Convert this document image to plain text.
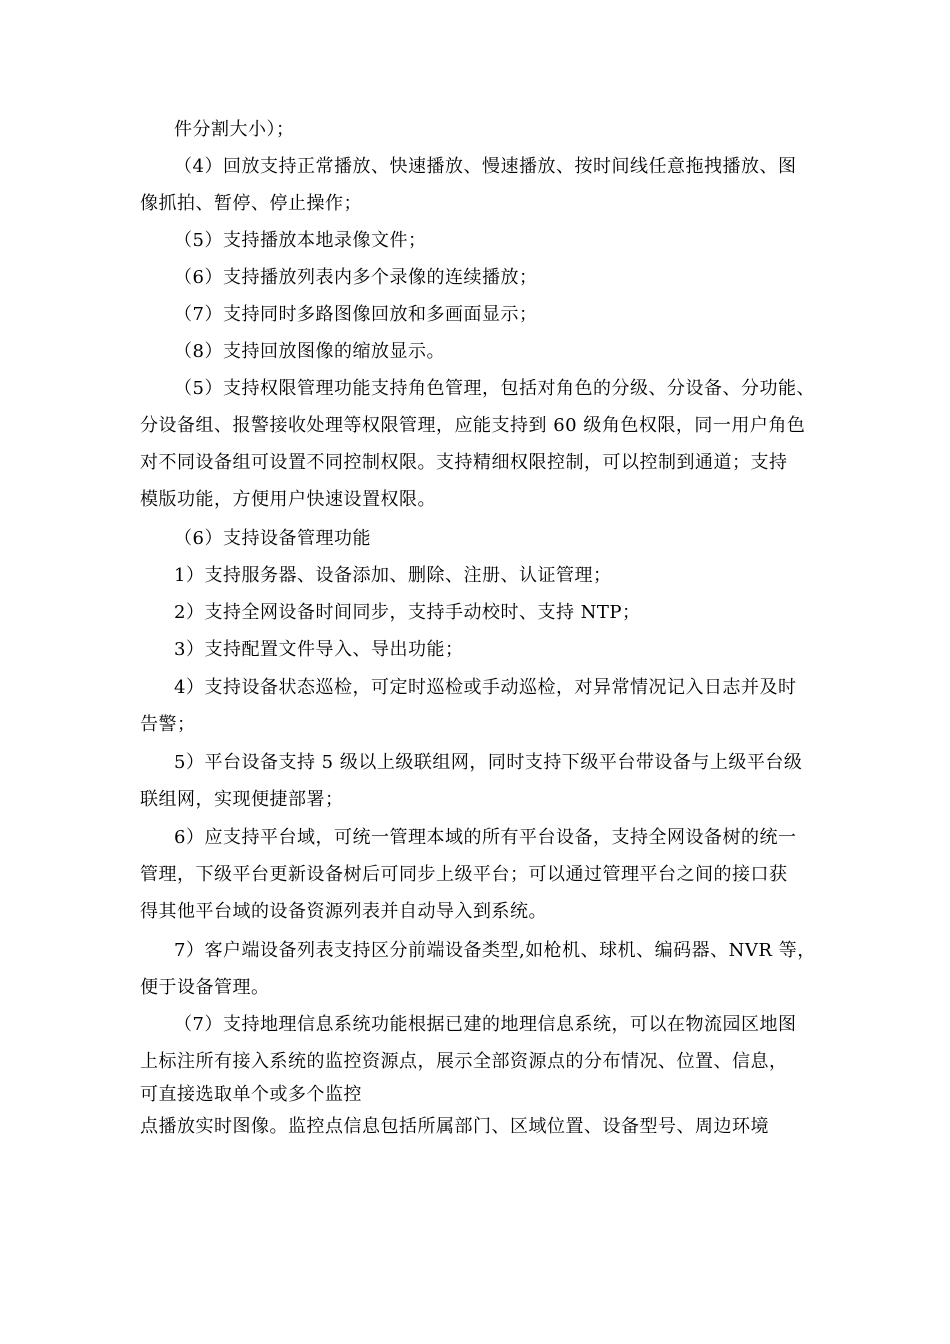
件分割大小）；
（4）回放支持正常播放、快速播放、慢速播放、按时间线任意拖拽播放、图
像抓拍、暂停、停止操作；
（5）支持播放本地录像文件；
（6）支持播放列表内多个录像的连续播放；
（7）支持同时多路图像回放和多画面显示；
（8）支持回放图像的缩放显示。
（5）支持权限管理功能支持角色管理，包括对角色的分级、分设备、分功能、
分设备组、报警接收处理等权限管理，应能支持到 60 级角色权限，同一用户角色
对不同设备组可设置不同控制权限。支持精细权限控制，可以控制到通道；支持
模版功能，方便用户快速设置权限。
（6）支持设备管理功能
1）支持服务器、设备添加、删除、注册、认证管理；
2）支持全网设备时间同步，支持手动校时、支持 NTP；
3）支持配置文件导入、导出功能；
4）支持设备状态巡检，可定时巡检或手动巡检，对异常情况记入日志并及时
告警；
5）平台设备支持 5 级以上级联组网，同时支持下级平台带设备与上级平台级
联组网，实现便捷部署；
6）应支持平台域，可统一管理本域的所有平台设备，支持全网设备树的统一
管理，下级平台更新设备树后可同步上级平台；可以通过管理平台之间的接口获
得其他平台域的设备资源列表并自动导入到系统。
7）客户端设备列表支持区分前端设备类型,如枪机、球机、编码器、NVR 等，
便于设备管理。
（7）支持地理信息系统功能根据已建的地理信息系统，可以在物流园区地图
上标注所有接入系统的监控资源点，展示全部资源点的分布情况、位置、信息，
可直接选取单个或多个监控
点播放实时图像。监控点信息包括所属部门、区域位置、设备型号、周边环境
